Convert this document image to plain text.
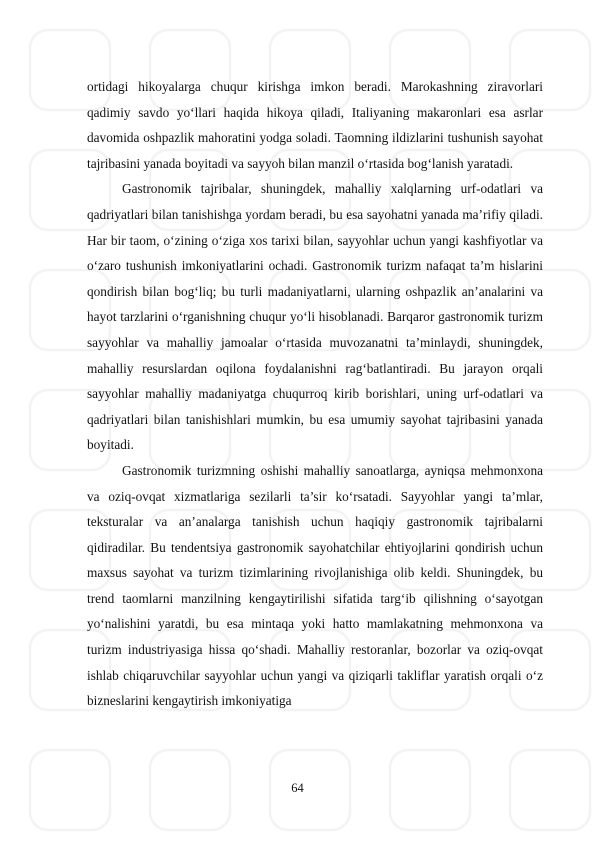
ortidagi hikoyalarga chuqur kirishga imkon beradi. Marokashning ziravorlari qadimiy savdo yo‘llari haqida hikoya qiladi, Italiyaning makaronlari esa asrlar davomida oshpazlik mahoratini yodga soladi. Taomning ildizlarini tushunish sayohat tajribasini yanada boyitadi va sayyoh bilan manzil o‘rtasida bog‘lanish yaratadi.

Gastronomik tajribalar, shuningdek, mahalliy xalqlarning urf-odatlari va qadriyatlari bilan tanishishga yordam beradi, bu esa sayohatni yanada ma’rifiy qiladi. Har bir taom, o‘zining o‘ziga xos tarixi bilan, sayyohlar uchun yangi kashfiyotlar va o‘zaro tushunish imkoniyatlarini ochadi. Gastronomik turizm nafaqat ta’m hislarini qondirish bilan bog‘liq; bu turli madaniyatlarni, ularning oshpazlik an’analarini va hayot tarzlarini o‘rganishning chuqur yo‘li hisoblanadi. Barqaror gastronomik turizm sayyohlar va mahalliy jamoalar o‘rtasida muvozanatni ta’minlaydi, shuningdek, mahalliy resurslardan oqilona foydalanishni rag‘batlantiradi. Bu jarayon orqali sayyohlar mahalliy madaniyatga chuqurroq kirib borishlari, uning urf-odatlari va qadriyatlari bilan tanishishlari mumkin, bu esa umumiy sayohat tajribasini yanada boyitadi.

Gastronomik turizmning oshishi mahalliy sanoatlarga, ayniqsa mehmonxona va oziq-ovqat xizmatlariga sezilarli ta’sir ko‘rsatadi. Sayyohlar yangi ta’mlar, teksturalar va an’analarga tanishish uchun haqiqiy gastronomik tajribalarni qidiradilar. Bu tendentsiya gastronomik sayohatchilar ehtiyojlarini qondirish uchun maxsus sayohat va turizm tizimlarining rivojlanishiga olib keldi. Shuningdek, bu trend taomlarni manzilning kengaytirilishi sifatida targ‘ib qilishning o‘sayotgan yo‘nalishini yaratdi, bu esa mintaqa yoki hatto mamlakatning mehmonxona va turizm industriyasiga hissa qo‘shadi. Mahalliy restoranlar, bozorlar va oziq-ovqat ishlab chiqaruvchilar sayyohlar uchun yangi va qiziqarli takliflar yaratish orqali o‘z bizneslarini kengaytirish imkoniyatiga

64
